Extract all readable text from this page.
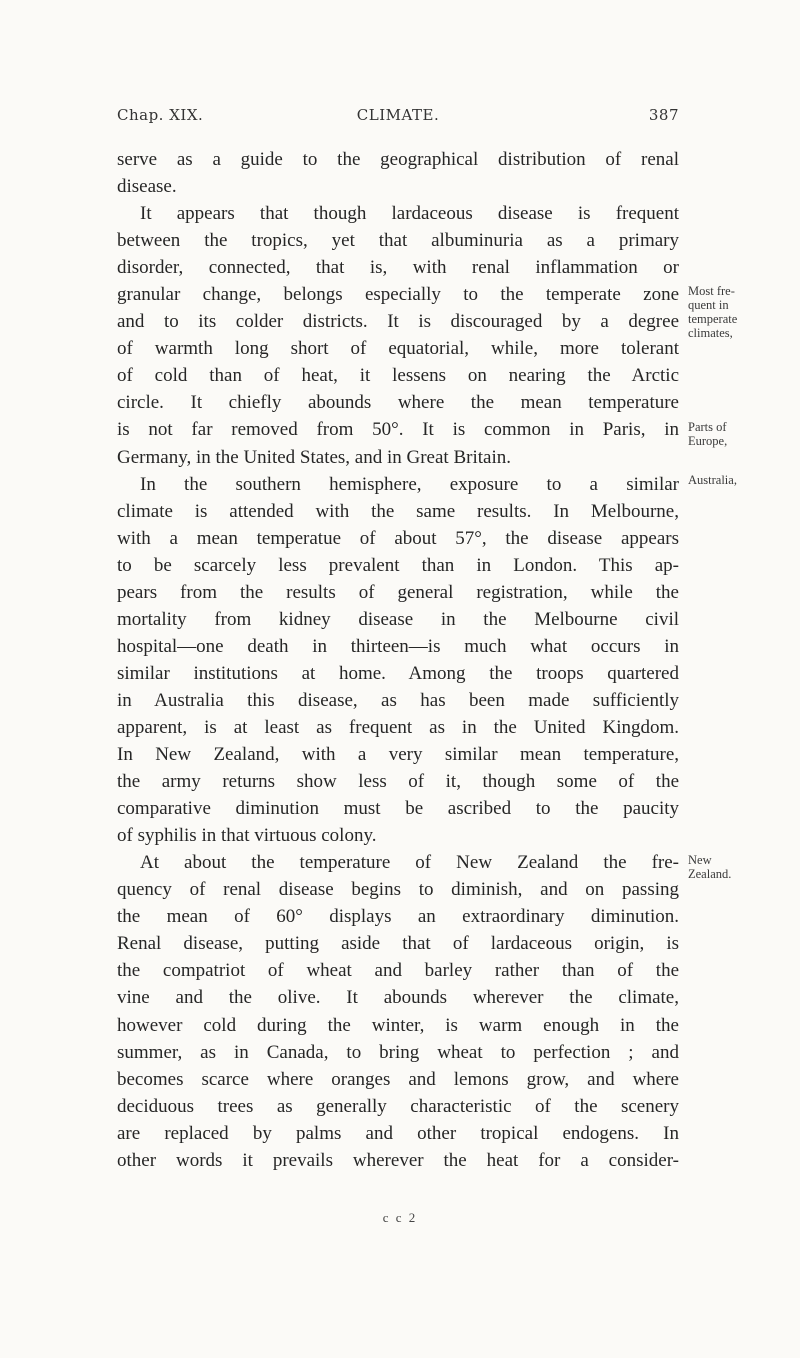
Chap. XIX.	CLIMATE.	387
serve as a guide to the geographical distribution of renal
disease.
It appears that though lardaceous disease is frequent
between the tropics, yet that albuminuria as a primary
disorder, connected, that is, with renal inflammation or
granular change, belongs especially to the temperate zone
and to its colder districts. It is discouraged by a degree
of warmth long short of equatorial, while, more tolerant
of cold than of heat, it lessens on nearing the Arctic
circle. It chiefly abounds where the mean temperature
is not far removed from 50°. It is common in Paris, in
Germany, in the United States, and in Great Britain.
In the southern hemisphere, exposure to a similar
climate is attended with the same results. In Melbourne,
with a mean temperatue of about 57°, the disease appears
to be scarcely less prevalent than in London. This ap-
pears from the results of general registration, while the
mortality from kidney disease in the Melbourne civil
hospital—one death in thirteen—is much what occurs in
similar institutions at home. Among the troops quartered
in Australia this disease, as has been made sufficiently
apparent, is at least as frequent as in the United Kingdom.
In New Zealand, with a very similar mean temperature,
the army returns show less of it, though some of the
comparative diminution must be ascribed to the paucity
of syphilis in that virtuous colony.
At about the temperature of New Zealand the fre-
quency of renal disease begins to diminish, and on passing
the mean of 60° displays an extraordinary diminution.
Renal disease, putting aside that of lardaceous origin, is
the compatriot of wheat and barley rather than of the
vine and the olive. It abounds wherever the climate,
however cold during the winter, is warm enough in the
summer, as in Canada, to bring wheat to perfection ; and
becomes scarce where oranges and lemons grow, and where
deciduous trees as generally characteristic of the scenery
are replaced by palms and other tropical endogens. In
other words it prevails wherever the heat for a consider-
Most fre-
quent in
temperate
climates,
Parts of
Europe,
Australia,
New
Zealand.
c c 2
